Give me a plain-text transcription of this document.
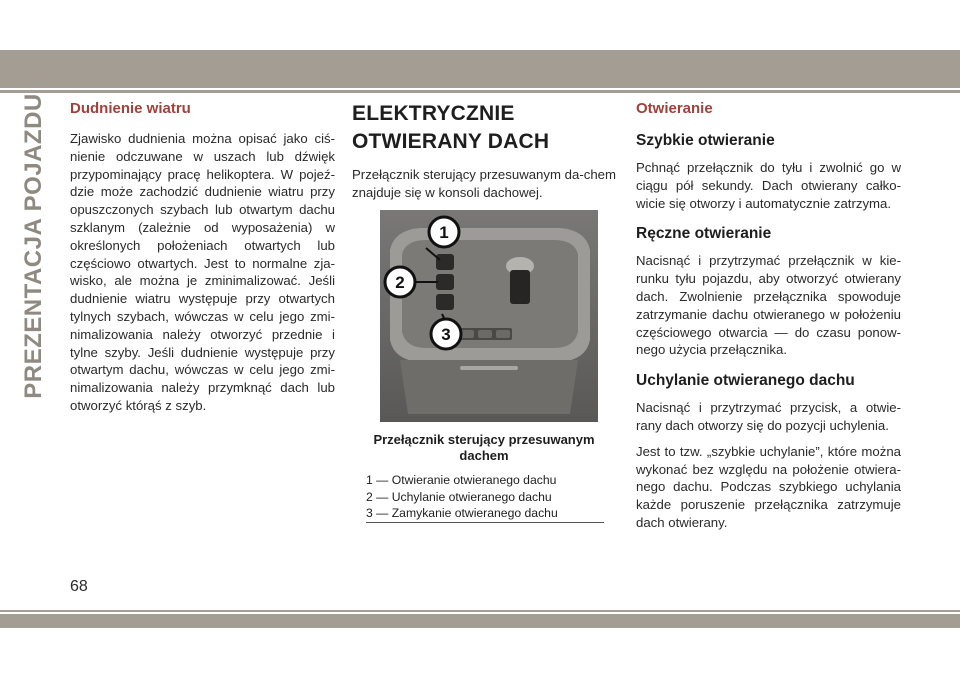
PREZENTACJA POJAZDU Dudnienie wiatru

Zjawisko dudnienia można opisać jako ciś-nienie odczuwane w uszach lub dźwięk przypominający pracę helikoptera. W pojeź-dzie może zachodzić dudnienie wiatru przy opuszczonych szybach lub otwartym dachu szklanym (zależnie od wyposażenia) w określonych położeniach otwartych lub częściowo otwartych. Jest to normalne zja-wisko, ale można je zminimalizować. Jeśli dudnienie wiatru występuje przy otwartych tylnych szybach, wówczas w celu jego zmi-nimalizowania należy otworzyć przednie i tylne szyby. Jeśli dudnienie występuje przy otwartym dachu, wówczas w celu jego zmi-nimalizowania należy przymknąć dach lub otworzyć którąś z szyb.

ELEKTRYCZNIE
OTWIERANY DACH

Przełącznik sterujący przesuwanym da-chem znajduje się w konsoli dachowej.

1
2
3
Przełącznik sterujący przesuwanym dachem
1 — Otwieranie otwieranego dachu
2 — Uchylanie otwieranego dachu
3 — Zamykanie otwieranego dachu
Otwieranie
Szybkie otwieranie

Pchnąć przełącznik do tyłu i zwolnić go w ciągu pół sekundy. Dach otwierany całko-wicie się otworzy i automatycznie zatrzyma.

Ręczne otwieranie

Nacisnąć i przytrzymać przełącznik w kie-runku tyłu pojazdu, aby otworzyć otwierany dach. Zwolnienie przełącznika spowoduje zatrzymanie dachu otwieranego w położeniu częściowego otwarcia — do czasu ponow-nego użycia przełącznika.

Uchylanie otwieranego dachu

Nacisnąć i przytrzymać przycisk, a otwie-rany dach otworzy się do pozycji uchylenia.

Jest to tzw. „szybkie uchylanie”, które można wykonać bez względu na położenie otwiera-nego dachu. Podczas szybkiego uchylania każde poruszenie przełącznika zatrzymuje dach otwierany.

68
